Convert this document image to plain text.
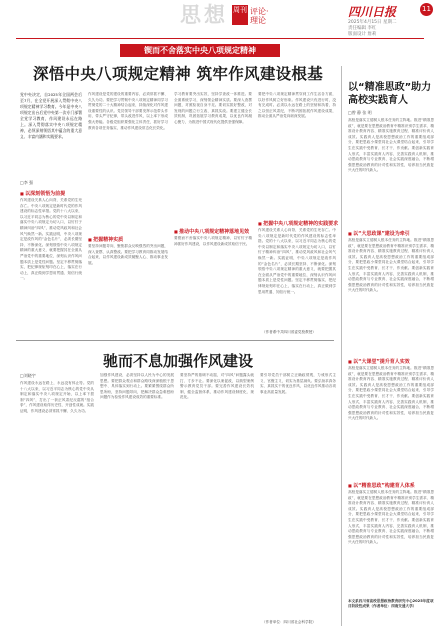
思想 周刊 评论·理论
四川日报	11
2025年4月15日 星期二
责任编辑 李红
版面设计 詹莉
锲而不舍落实中央八项规定精神
深悟中央八项规定精神 筑牢作风建设根基
党中央决定，自2025年全国两会后至7月，在全党开展深入贯彻中央八项规定精神学习教育。今年是中央八项规定出台后党中央第一次专门部署全党学习教育，作风建设永远在路上。深入贯彻落实中央八项规定精神，必须深刻领悟其中蕴含的重大意义、丰富内涵和实践要求。
□李 强
■ 以深刻领悟为前提
作风建设关系人心向背，关系党的生死存亡。中央八项规定是新时代党的作风建设的标志性举措。党的十八大以来，以习近平同志为核心的党中央以制定和落实中央八项规定为切入口，以钉钉子精神纠治“四风”，推动党风政风和社会风气焕然一新。实践证明，中央八项规定是改作风的“金色名片”，必须长期坚持、不断深化。深刻领悟中央八项规定精神的重大意义，就要把握其在全面从严治党中的重要地位，深刻认识作风问题本质上是党性问题。坚定不移贯彻落实，把纪律规矩刻印在心上，落实在行动上，真正做到学思用贯通、知信行统一。
作风建设是党的建设的重要内容，必须常抓不懈、久久为功。要把学习贯彻中央八项规定精神同学习贯彻党的二十大精神结合起来，持续深化对作风建设重要性的认识。党员领导干部要发挥示范带头作用，带头严守纪律，带头改进作风，以上率下形成强大势能。各级党组织要强化主体责任，抓好学习教育各项任务落实，推动作风建设常态化长效化。
■ 把握精神实质
要坚持问题导向，聚焦群众反映强烈的突出问题，深入查摆、认真整改。要把学习教育同推动发展结合起来，以作风建设新成效凝聚人心、推动事业发展。
■ 推动中央八项规定精神落地见效
学习教育要突出实效，坚持学查改一体推进。要全面系统学习，深刻领会精神实质。要深入查摆问题，对照检视自身不足。要切实抓好整改，对发现的问题立行立改、真抓实改。要建立健全长效机制，巩固拓展学习教育成果，以优良作风凝心聚力，为推进中国式现代化提供坚强保障。
要锲而不舍落实中央八项规定精神，以钉钉子精神抓好作风建设，以作风建设新成效取信于民。
要把中央八项规定精神贯穿到工作生活各方面，以好作风树立好形象。作风建设只有进行时，没有完成时。必须以永远在路上的坚韧和执着，持之以恒正风肃纪，不断巩固拓展作风建设成果，推动全面从严治党向纵深发展。
■ 把握中央八项规定精神的实践要求
作风建设关系人心向背，关系党的生死存亡。中央八项规定是新时代党的作风建设的标志性举措。党的十八大以来，以习近平同志为核心的党中央以制定和落实中央八项规定为切入口，以钉钉子精神纠治“四风”，推动党风政风和社会风气焕然一新。实践证明，中央八项规定是改作风的“金色名片”，必须长期坚持、不断深化。深刻领悟中央八项规定精神的重大意义，就要把握其在全面从严治党中的重要地位，深刻认识作风问题本质上是党性问题。坚定不移贯彻落实，把纪律规矩刻印在心上，落实在行动上，真正做到学思用贯通、知信行统一。
（作者系中共四川省委党校教授）
驰而不息加强作风建设
□刘晓宇
作风建设永远在路上，永远没有休止符。党的十八大以来，以习近平同志为核心的党中央从制定和落实中央八项规定开始，以上率下狠刹“四风”，打出了一套正风肃纪反腐的“组合拳”，作风建设取得历史性、开创性成就。实践证明，作风建设必须常抓不懈、久久为功。
加强作风建设，必须坚持以人民为中心的发展思想。要把群众观点和群众路线深深植根于思想中、具体落实到行动上。要紧紧围绕群众所思所盼，坚持问题导向，把解决群众急难愁盼问题作为检验作风建设成效的重要标准。
要坚持严的基调不动摇，对“四风”问题露头就打、寸步不让。要深化以案促改，以典型案例警示教育党员干部。要完善作风建设长效机制，健全监督体系，推动作风建设制度化、规范化。
要引导党员干部树立正确政绩观，力戒形式主义、官僚主义，切实为基层减负。要弘扬求真务实、真抓实干的优良作风，以优良作风推动各项事业高质量发展。
（作者单位：四川省社会科学院）
以“精准思政”助力高校实践育人
□曾 静 张 明
高校是落实立德树人根本任务的主阵地。推进“精准思政”，就是要在思想政治教育中精准识别学生需求、精准设计教育内容、精准实施教育过程、精准评价育人成效。实践育人是高校思想政治工作的重要组成部分，要把思政小课堂同社会大课堂结合起来，引导学生在实践中受教育、长才干、作贡献。要创新实践育人形式，丰富实践育人内容，完善实践育人机制，推动思政教育与专业教育、社会实践深度融合，不断增强思想政治教育的针对性和实效性，培养担当民族复兴大任的时代新人。
■ 以“大思政课”建设为牵引
高校是落实立德树人根本任务的主阵地。推进“精准思政”，就是要在思想政治教育中精准识别学生需求、精准设计教育内容、精准实施教育过程、精准评价育人成效。实践育人是高校思想政治工作的重要组成部分，要把思政小课堂同社会大课堂结合起来，引导学生在实践中受教育、长才干、作贡献。要创新实践育人形式，丰富实践育人内容，完善实践育人机制，推动思政教育与专业教育、社会实践深度融合，不断增强思想政治教育的针对性和实效性，培养担当民族复兴大任的时代新人。
■ 以“大课堂”提升育人实效
高校是落实立德树人根本任务的主阵地。推进“精准思政”，就是要在思想政治教育中精准识别学生需求、精准设计教育内容、精准实施教育过程、精准评价育人成效。实践育人是高校思想政治工作的重要组成部分，要把思政小课堂同社会大课堂结合起来，引导学生在实践中受教育、长才干、作贡献。要创新实践育人形式，丰富实践育人内容，完善实践育人机制，推动思政教育与专业教育、社会实践深度融合，不断增强思想政治教育的针对性和实效性，培养担当民族复兴大任的时代新人。
■ 以“精准思政”构建育人体系
高校是落实立德树人根本任务的主阵地。推进“精准思政”，就是要在思想政治教育中精准识别学生需求、精准设计教育内容、精准实施教育过程、精准评价育人成效。实践育人是高校思想政治工作的重要组成部分，要把思政小课堂同社会大课堂结合起来，引导学生在实践中受教育、长才干、作贡献。要创新实践育人形式，丰富实践育人内容，完善实践育人机制，推动思政教育与专业教育、社会实践深度融合，不断增强思想政治教育的针对性和实效性，培养担当民族复兴大任的时代新人。
本文系四川省高校思想政治教育研究中心2025年度项目阶段性成果（作者单位：西南交通大学）
